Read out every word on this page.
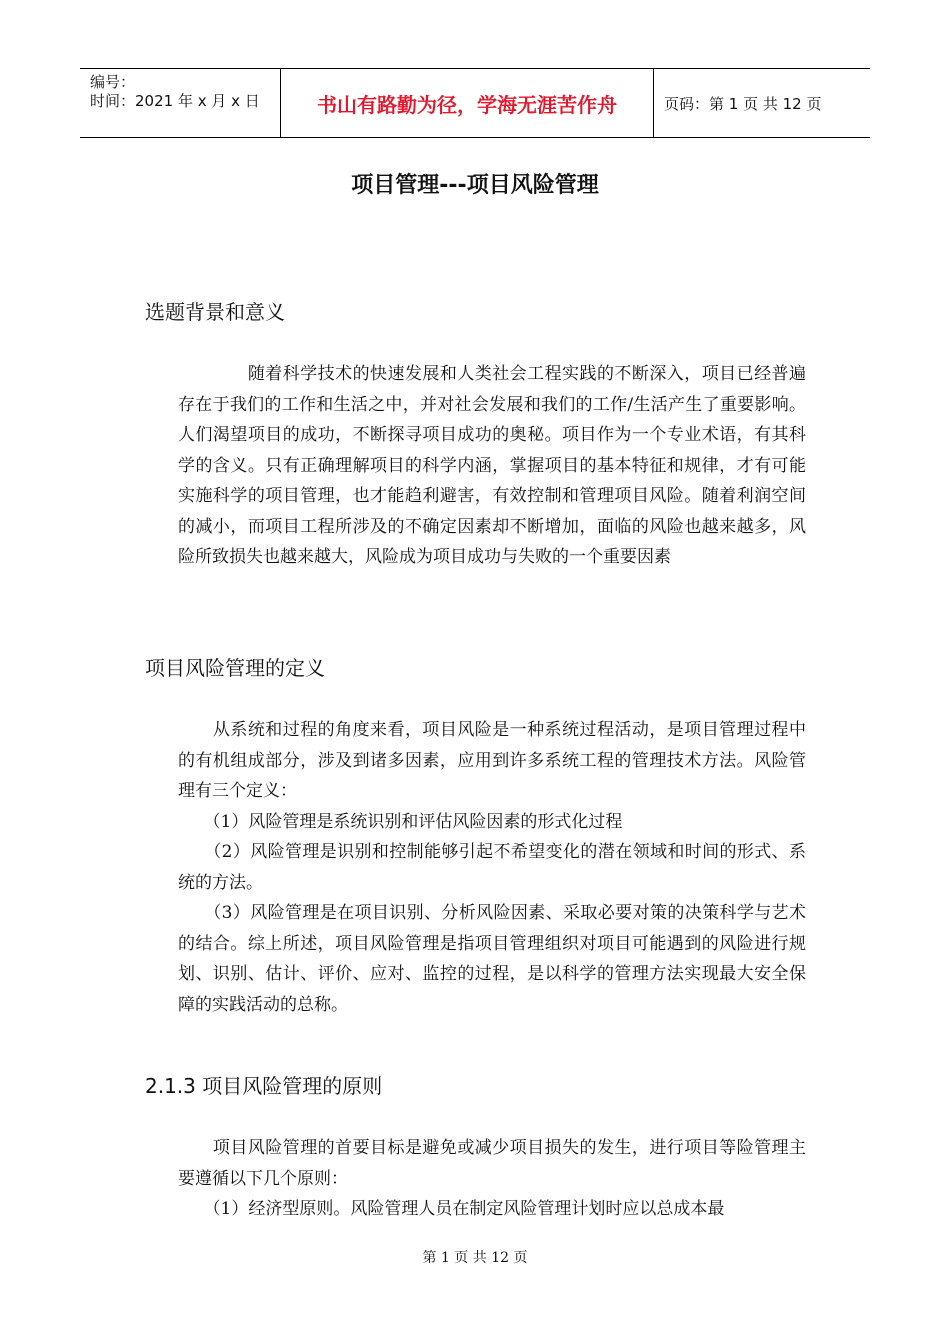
编号：
时间：2021 年 x 月 x 日	书山有路勤为径，学海无涯苦作舟	页码：第 1 页 共 12 页
项目管理---项目风险管理
选题背景和意义

　　　　随着科学技术的快速发展和人类社会工程实践的不断深入，项目已经普遍存在于我们的工作和生活之中，并对社会发展和我们的工作/生活产生了重要影响。人们渴望项目的成功，不断探寻项目成功的奥秘。项目作为一个专业术语，有其科学的含义。只有正确理解项目的科学内涵，掌握项目的基本特征和规律，才有可能实施科学的项目管理，也才能趋利避害，有效控制和管理项目风险。随着利润空间的减小，而项目工程所涉及的不确定因素却不断增加，面临的风险也越来越多，风险所致损失也越来越大，风险成为项目成功与失败的一个重要因素

项目风险管理的定义

　　从系统和过程的角度来看，项目风险是一种系统过程活动，是项目管理过程中的有机组成部分，涉及到诸多因素，应用到许多系统工程的管理技术方法。风险管理有三个定义：

　　（1）风险管理是系统识别和评估风险因素的形式化过程

　　（2）风险管理是识别和控制能够引起不希望变化的潜在领域和时间的形式、系统的方法。

　　（3）风险管理是在项目识别、分析风险因素、采取必要对策的决策科学与艺术的结合。综上所述，项目风险管理是指项目管理组织对项目可能遇到的风险进行规划、识别、估计、评价、应对、监控的过程，是以科学的管理方法实现最大安全保障的实践活动的总称。

2.1.3 项目风险管理的原则

　　项目风险管理的首要目标是避免或减少项目损失的发生，进行项目等险管理主要遵循以下几个原则：

　　（1）经济型原则。风险管理人员在制定风险管理计划时应以总成本最

第 1 页 共 12 页
